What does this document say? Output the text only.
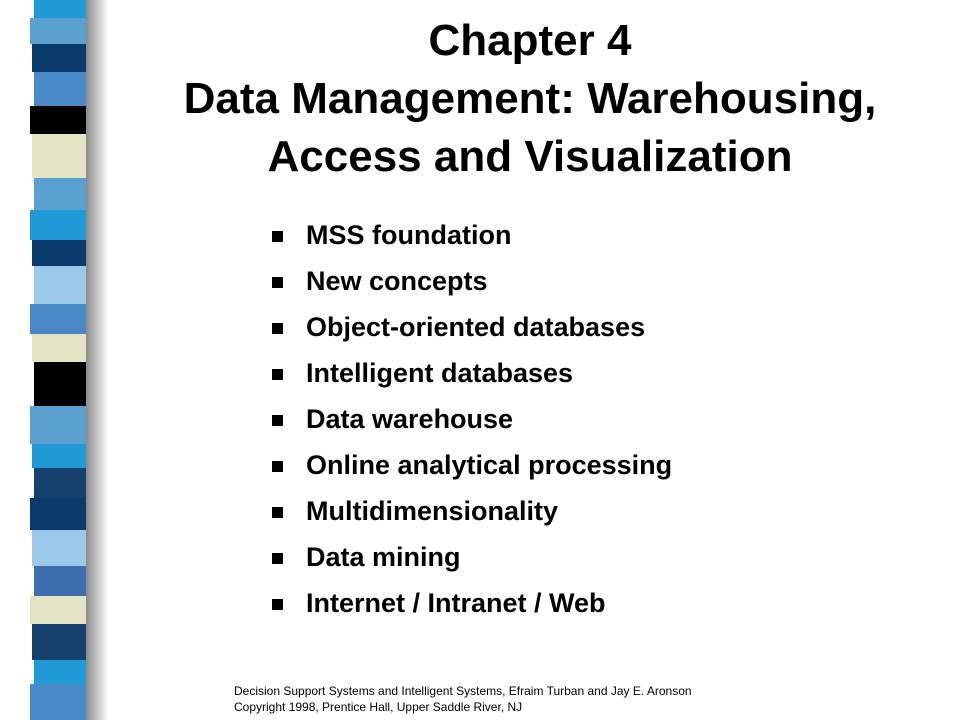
Chapter 4
Data Management: Warehousing,
Access and Visualization
MSS foundation
New concepts
Object-oriented databases
Intelligent databases
Data warehouse
Online analytical processing
Multidimensionality
Data mining
Internet / Intranet / Web
Decision Support Systems and Intelligent Systems, Efraim Turban and Jay E. Aronson
Copyright 1998, Prentice Hall, Upper Saddle River, NJ
